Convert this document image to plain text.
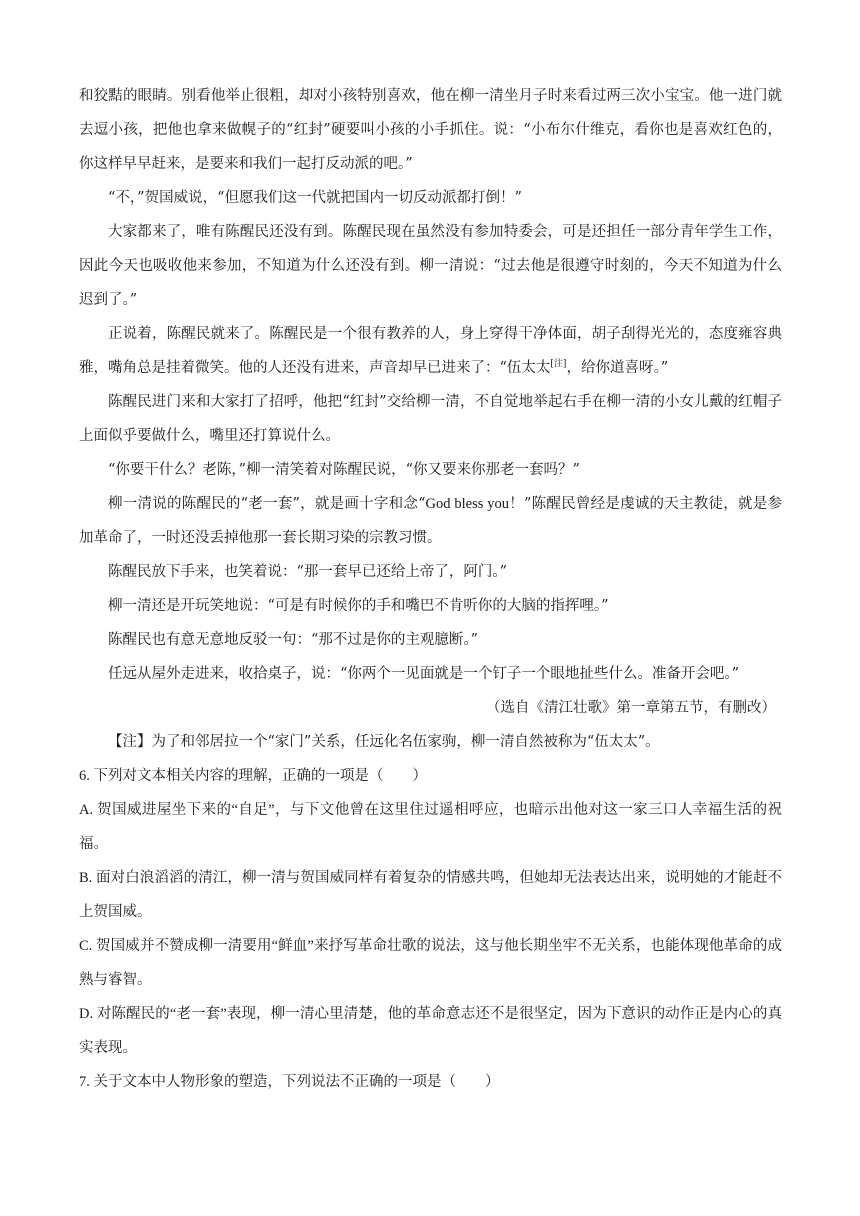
和狡黠的眼睛。别看他举止很粗，却对小孩特别喜欢，他在柳一清坐月子时来看过两三次小宝宝。他一进门就去逗小孩，把他也拿来做幌子的“红封”硬要叫小孩的小手抓住。说：“小布尔什维克，看你也是喜欢红色的，你这样早早赶来，是要来和我们一起打反动派的吧。”

“不，”贺国威说，“但愿我们这一代就把国内一切反动派都打倒！”

大家都来了，唯有陈醒民还没有到。陈醒民现在虽然没有参加特委会，可是还担任一部分青年学生工作，因此今天也吸收他来参加，不知道为什么还没有到。柳一清说：“过去他是很遵守时刻的，今天不知道为什么迟到了。”

正说着，陈醒民就来了。陈醒民是一个很有教养的人，身上穿得干净体面，胡子刮得光光的，态度雍容典雅，嘴角总是挂着微笑。他的人还没有进来，声音却早已进来了：“伍太太[注]，给你道喜呀。”

陈醒民进门来和大家打了招呼，他把“红封”交给柳一清，不自觉地举起右手在柳一清的小女儿戴的红帽子上面似乎要做什么，嘴里还打算说什么。

“你要干什么？老陈，”柳一清笑着对陈醒民说，“你又要来你那老一套吗？”

柳一清说的陈醒民的“老一套”，就是画十字和念“God bless you！”陈醒民曾经是虔诚的天主教徒，就是参加革命了，一时还没丢掉他那一套长期习染的宗教习惯。

陈醒民放下手来，也笑着说：“那一套早已还给上帝了，阿门。”

柳一清还是开玩笑地说：“可是有时候你的手和嘴巴不肯听你的大脑的指挥哩。”

陈醒民也有意无意地反驳一句：“那不过是你的主观臆断。”

任远从屋外走进来，收拾桌子，说：“你两个一见面就是一个钉子一个眼地扯些什么。准备开会吧。”

（选自《清江壮歌》第一章第五节，有删改）

【注】为了和邻居拉一个“家门”关系，任远化名伍家驹，柳一清自然被称为“伍太太”。

6. 下列对文本相关内容的理解，正确的一项是（　　）

A. 贺国威进屋坐下来的“自足”，与下文他曾在这里住过遥相呼应，也暗示出他对这一家三口人幸福生活的祝福。

B. 面对白浪滔滔的清江，柳一清与贺国威同样有着复杂的情感共鸣，但她却无法表达出来，说明她的才能赶不上贺国威。

C. 贺国威并不赞成柳一清要用“鲜血”来抒写革命壮歌的说法，这与他长期坐牢不无关系，也能体现他革命的成熟与睿智。

D. 对陈醒民的“老一套”表现，柳一清心里清楚，他的革命意志还不是很坚定，因为下意识的动作正是内心的真实表现。

7. 关于文本中人物形象的塑造，下列说法不正确的一项是（　　）
